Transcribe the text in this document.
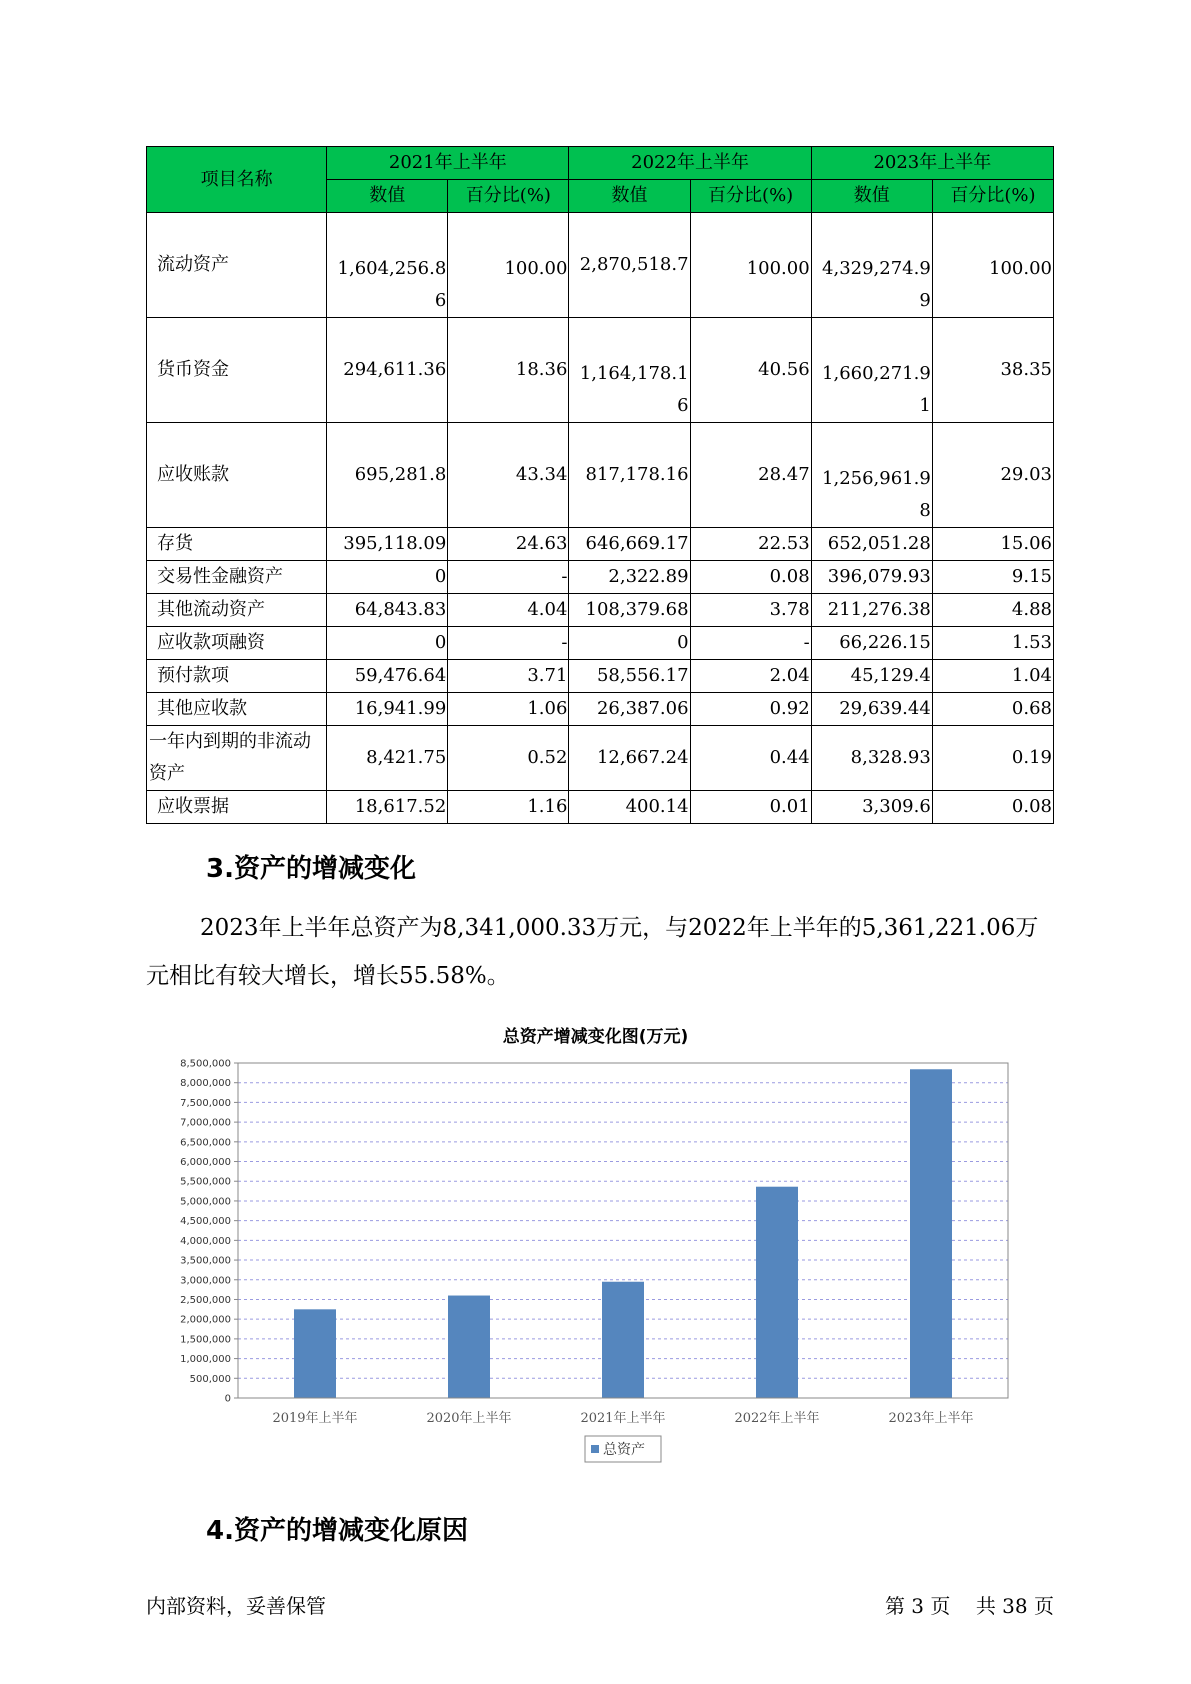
项目名称	2021年上半年		2022年上半年		2023年上半年	
	数值	百分比(%)	数值	百分比(%)	数值	百分比(%)
流动资产	1,604,256.86	100.00	2,870,518.7	100.00	4,329,274.99	100.00
货币资金	294,611.36	18.36	1,164,178.16	40.56	1,660,271.91	38.35
应收账款	695,281.8	43.34	817,178.16	28.47	1,256,961.98	29.03
存货	395,118.09	24.63	646,669.17	22.53	652,051.28	15.06
交易性金融资产	0	-	2,322.89	0.08	396,079.93	9.15
其他流动资产	64,843.83	4.04	108,379.68	3.78	211,276.38	4.88
应收款项融资	0	-	0	-	66,226.15	1.53
预付款项	59,476.64	3.71	58,556.17	2.04	45,129.4	1.04
其他应收款	16,941.99	1.06	26,387.06	0.92	29,639.44	0.68
一年内到期的非流动资产	8,421.75	0.52	12,667.24	0.44	8,328.93	0.19
应收票据	18,617.52	1.16	400.14	0.01	3,309.6	0.08
3.资产的增减变化

2023年上半年总资产为8,341,000.33万元，与2022年上半年的5,361,221.06万元相比有较大增长，增长55.58%。

总资产增减变化图(万元)
0
500,000
1,000,000
1,500,000
2,000,000
2,500,000
3,000,000
3,500,000
4,000,000
4,500,000
5,000,000
5,500,000
6,000,000
6,500,000
7,000,000
7,500,000
8,000,000
8,500,000
2019年上半年	2020年上半年	2021年上半年	2022年上半年	2023年上半年
总资产
4.资产的增减变化原因

内部资料，妥善保管	第 3 页    共 38 页
